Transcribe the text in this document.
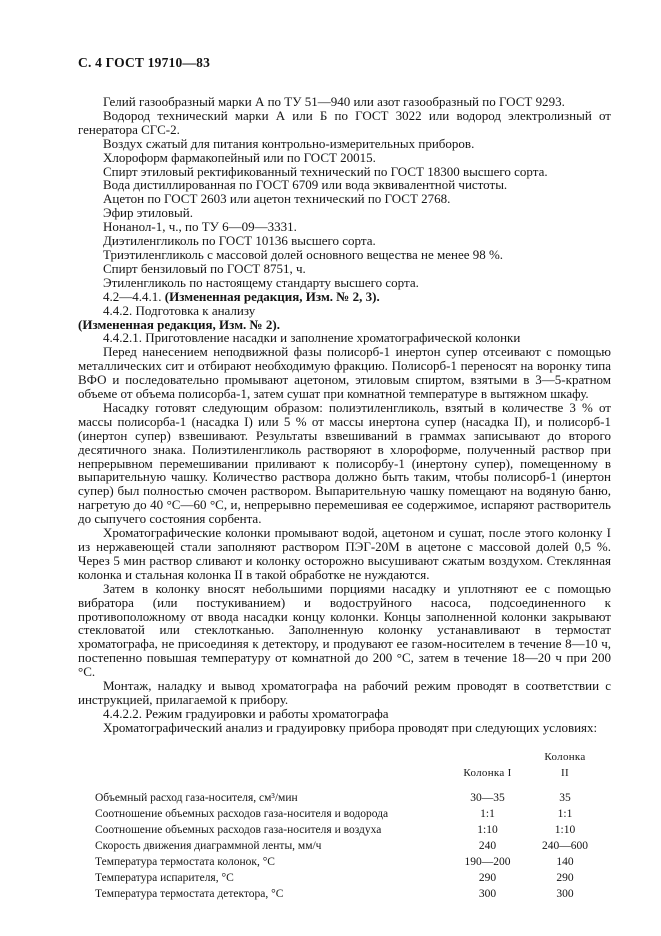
С. 4 ГОСТ 19710—83

Гелий газообразный марки А по ТУ 51—940 или азот газообразный по ГОСТ 9293.

Водород технический марки А или Б по ГОСТ 3022 или водород электролизный от генератора СГС-2.

Воздух сжатый для питания контрольно-измерительных приборов.

Хлороформ фармакопейный или по ГОСТ 20015.

Спирт этиловый ректификованный технический по ГОСТ 18300 высшего сорта.

Вода дистиллированная по ГОСТ 6709 или вода эквивалентной чистоты.

Ацетон по ГОСТ 2603 или ацетон технический по ГОСТ 2768.

Эфир этиловый.

Нонанол-1, ч., по ТУ 6—09—3331.

Диэтиленгликоль по ГОСТ 10136 высшего сорта.

Триэтиленгликоль с массовой долей основного вещества не менее 98 %.

Спирт бензиловый по ГОСТ 8751, ч.

Этиленгликоль по настоящему стандарту высшего сорта.

4.2—4.4.1. (Измененная редакция, Изм. № 2, 3).

4.4.2. Подготовка к анализу

(Измененная редакция, Изм. № 2).

4.4.2.1. Приготовление насадки и заполнение хроматографической колонки

Перед нанесением неподвижной фазы полисорб-1 инертон супер отсеивают с помощью металлических сит и отбирают необходимую фракцию. Полисорб-1 переносят на воронку типа ВФО и последовательно промывают ацетоном, этиловым спиртом, взятыми в 3—5-кратном объеме от объема полисорба-1, затем сушат при комнатной температуре в вытяжном шкафу.

Насадку готовят следующим образом: полиэтиленгликоль, взятый в количестве 3 % от массы полисорба-1 (насадка I) или 5 % от массы инертона супер (насадка II), и полисорб-1 (инертон супер) взвешивают. Результаты взвешиваний в граммах записывают до второго десятичного знака. Полиэтиленгликоль растворяют в хлороформе, полученный раствор при непрерывном перемешивании приливают к полисорбу-1 (инертону супер), помещенному в выпарительную чашку. Количество раствора должно быть таким, чтобы полисорб-1 (инертон супер) был полностью смочен раствором. Выпарительную чашку помещают на водяную баню, нагретую до 40 °С—60 °С, и, непрерывно перемешивая ее содержимое, испаряют растворитель до сыпучего состояния сорбента.

Хроматографические колонки промывают водой, ацетоном и сушат, после этого колонку I из нержавеющей стали заполняют раствором ПЭГ-20М в ацетоне с массовой долей 0,5 %. Через 5 мин раствор сливают и колонку осторожно высушивают сжатым воздухом. Стеклянная колонка и стальная колонка II в такой обработке не нуждаются.

Затем в колонку вносят небольшими порциями насадку и уплотняют ее с помощью вибратора (или постукиванием) и водоструйного насоса, подсоединенного к противоположному от ввода насадки концу колонки. Концы заполненной колонки закрывают стекловатой или стеклотканью. Заполненную колонку устанавливают в термостат хроматографа, не присоединяя к детектору, и продувают ее газом-носителем в течение 8—10 ч, постепенно повышая температуру от комнатной до 200 °С, затем в течение 18—20 ч при 200 °С.

Монтаж, наладку и вывод хроматографа на рабочий режим проводят в соответствии с инструкцией, прилагаемой к прибору.

4.4.2.2. Режим градуировки и работы хроматографа

Хроматографический анализ и градуировку прибора проводят при следующих условиях:

	Колонка I	Колонка II
Объемный расход газа-носителя, см³/мин	30—35	35
Соотношение объемных расходов газа-носителя и водорода	1:1	1:1
Соотношение объемных расходов газа-носителя и воздуха	1:10	1:10
Скорость движения диаграммной ленты, мм/ч	240	240—600
Температура термостата колонок, °С	190—200	140
Температура испарителя, °С	290	290
Температура термостата детектора, °С	300	300
